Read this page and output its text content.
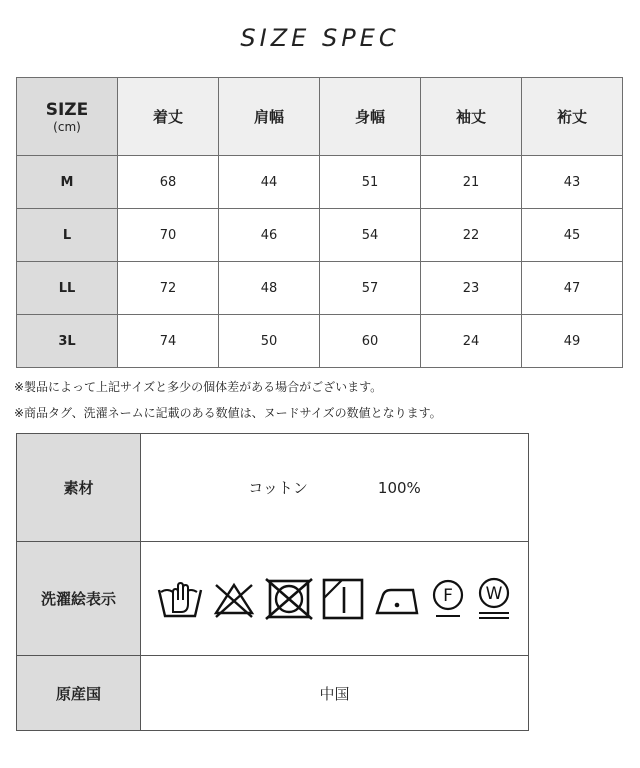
SIZE SPEC
SIZE
(cm)	着丈	肩幅	身幅	袖丈	裄丈
M	68	44	51	21	43
L	70	46	54	22	45
LL	72	48	57	23	47
3L	74	50	60	24	49
※製品によって上記サイズと多少の個体差がある場合がございます。
※商品タグ、洗濯ネームに記載のある数値は、ヌードサイズの数値となります。
素材	コットン 100%
洗濯絵表示	F W

原産国	中国
